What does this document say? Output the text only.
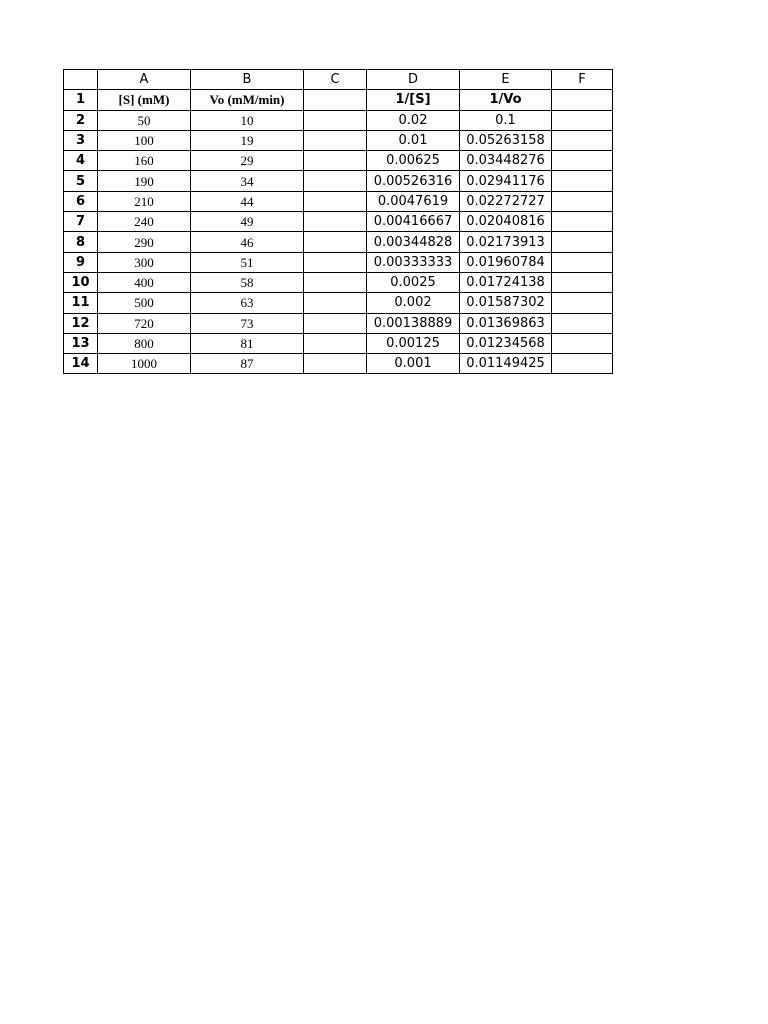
	A	B	C	D	E	F
1	[S] (mM)	Vo (mM/min)		1/[S]	1/Vo	
2	50	10		0.02	0.1	
3	100	19		0.01	0.05263158	
4	160	29		0.00625	0.03448276	
5	190	34		0.00526316	0.02941176	
6	210	44		0.0047619	0.02272727	
7	240	49		0.00416667	0.02040816	
8	290	46		0.00344828	0.02173913	
9	300	51		0.00333333	0.01960784	
10	400	58		0.0025	0.01724138	
11	500	63		0.002	0.01587302	
12	720	73		0.00138889	0.01369863	
13	800	81		0.00125	0.01234568	
14	1000	87		0.001	0.01149425	
